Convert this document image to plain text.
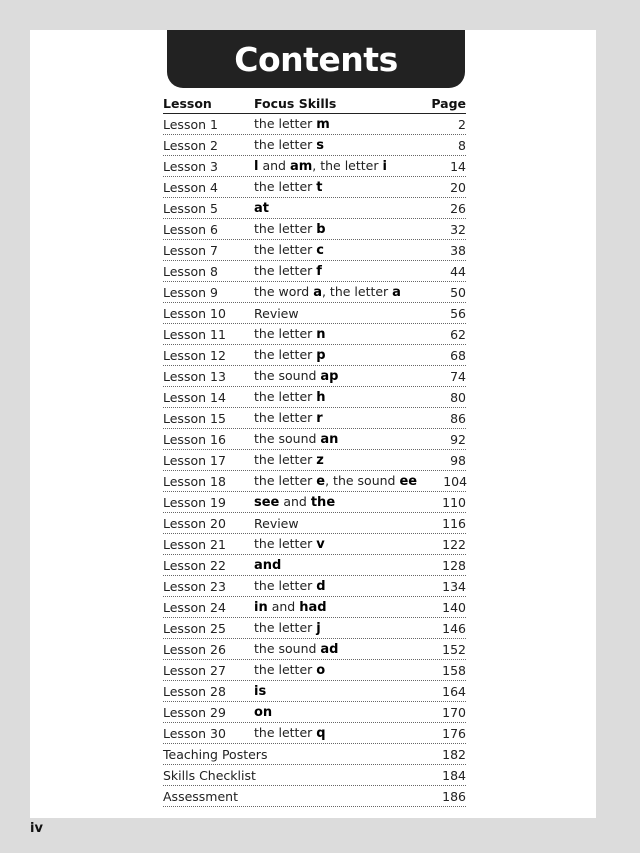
Contents
Lesson	Focus Skills	Page
Lesson 1	the letter m	2
Lesson 2	the letter s	8
Lesson 3	l and am, the letter i	14
Lesson 4	the letter t	20
Lesson 5	at	26
Lesson 6	the letter b	32
Lesson 7	the letter c	38
Lesson 8	the letter f	44
Lesson 9	the word a, the letter a	50
Lesson 10	Review	56
Lesson 11	the letter n	62
Lesson 12	the letter p	68
Lesson 13	the sound ap	74
Lesson 14	the letter h	80
Lesson 15	the letter r	86
Lesson 16	the sound an	92
Lesson 17	the letter z	98
Lesson 18	the letter e, the sound ee	104
Lesson 19	see and the	110
Lesson 20	Review	116
Lesson 21	the letter v	122
Lesson 22	and	128
Lesson 23	the letter d	134
Lesson 24	in and had	140
Lesson 25	the letter j	146
Lesson 26	the sound ad	152
Lesson 27	the letter o	158
Lesson 28	is	164
Lesson 29	on	170
Lesson 30	the letter q	176
Teaching Posters	182
Skills Checklist	184
Assessment	186
iv
